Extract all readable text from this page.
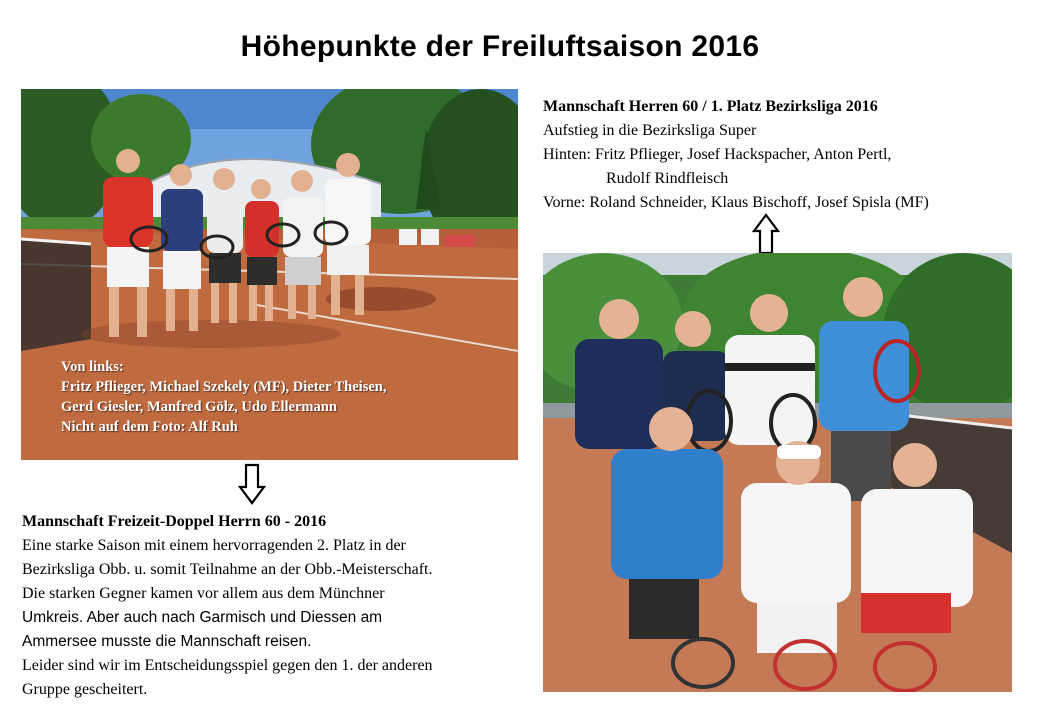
Höhepunkte der Freiluftsaison 2016
Von links:
Fritz Pflieger, Michael Szekely (MF), Dieter Theisen,
Gerd Giesler, Manfred Gölz, Udo Ellermann
Nicht auf dem Foto: Alf Ruh
Mannschaft Herren 60 / 1. Platz Bezirksliga 2016
Aufstieg in die Bezirksliga Super
Hinten: Fritz Pflieger, Josef Hackspacher, Anton Pertl,
Rudolf Rindfleisch
Vorne: Roland Schneider, Klaus Bischoff, Josef Spisla (MF)
Mannschaft Freizeit-Doppel Herrn 60 - 2016
Eine starke Saison mit einem hervorragenden 2. Platz in der
Bezirksliga Obb. u. somit Teilnahme an der Obb.-Meisterschaft.
Die starken Gegner kamen vor allem aus dem Münchner
Umkreis. Aber auch nach Garmisch und Diessen am
Ammersee musste die Mannschaft reisen.
Leider sind wir im Entscheidungsspiel gegen den 1. der anderen
Gruppe gescheitert.
